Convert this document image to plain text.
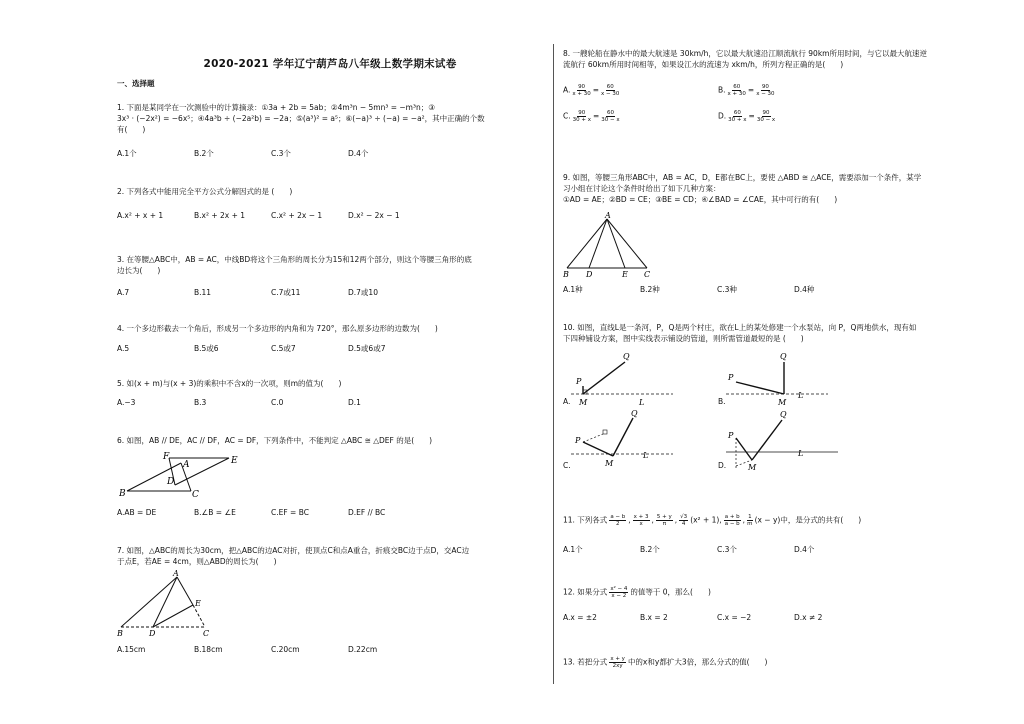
2020-2021 学年辽宁葫芦岛八年级上数学期末试卷
一、选择题

1. 下面是某同学在一次测验中的计算摘录：①3a + 2b = 5ab；②4m³n − 5mn³ = −m³n；③

3x³ · (−2x²) = −6x⁵；④4a³b ÷ (−2a²b) = −2a；⑤(a³)² = a⁵；⑥(−a)³ ÷ (−a) = −a²，其中正确的个数

有(　　)

A.1个	B.2个	C.3个	D.4个

2. 下列各式中能用完全平方公式分解因式的是 (　　)

A.x² + x + 1	B.x² + 2x + 1	C.x² + 2x − 1	D.x² − 2x − 1

3. 在等腰△ABC中，AB = AC，中线BD将这个三角形的周长分为15和12两个部分，则这个等腰三角形的底

边长为(　　)

A.7	B.11	C.7或11	D.7或10

4. 一个多边形截去一个角后，形成另一个多边形的内角和为 720°，那么原多边形的边数为(　　)

A.5	B.5或6	C.5或7	D.5或6或7

5. 如(x + m)与(x + 3)的乘积中不含x的一次项，则m的值为(　　)

A.−3	B.3	C.0	D.1

6. 如图，AB // DE，AC // DF，AC = DF，下列条件中，不能判定 △ABC ≅ △DEF 的是(　　)

F
A	E
D
B	C
A.AB = DE	B.∠B = ∠E	C.EF = BC	D.EF // BC

7. 如图，△ABC的周长为30cm，把△ABC的边AC对折，使顶点C和点A重合，折痕交BC边于点D，交AC边

于点E，若AE = 4cm，则△ABD的周长为(　　)

A
E
B	D	C
A.15cm	B.18cm	C.20cm	D.22cm

8. 一艘轮船在静水中的最大航速是 30km/h，它以最大航速沿江顺流航行 90km所用时间，与它以最大航速逆

流航行 60km所用时间相等，如果设江水的流速为 xkm/h，所列方程正确的是(　　)

A. $\frac{90}{x + 30} = \frac{60}{x - 30}$	B. $\frac{60}{x + 30} = \frac{90}{x - 30}$
C. $\frac{90}{30 + x} = \frac{60}{30 - x}$	D. $\frac{60}{30 + x} = \frac{90}{30 - x}$

9. 如图，等腰三角形ABC中，AB = AC，D，E都在BC上，要使 △ABD ≅ △ACE，需要添加一个条件，某学

习小组在讨论这个条件时给出了如下几种方案：

①AD = AE；②BD = CE；③BE = CD；④∠BAD = ∠CAE，其中可行的有(　　)

A
B D	E C
A.1种	B.2种	C.3种	D.4种

10. 如图，直线L是一条河，P，Q是两个村庄，欲在L上的某处修建一个水泵站，向 P，Q两地供水，现有如

下四种铺设方案，图中实线表示铺设的管道，则所需管道最短的是 (　　)

P
Q
M	L
A.
P
Q
M
L
B.
P
Q
M
L
C.
P
Q
M
L
D.

11. 下列各式 $\frac{a - b}{2}$ , $\frac{x + 3}{x}$ , $\frac{5 + y}{\pi}$ , $\frac{√3}{4} (x^2 + 1)$, $\frac{a + b}{a - b}$ , $\frac{1}{m} (x - y)$中，是分式的共有(　　)

A.1个	B.2个	C.3个	D.4个

12. 如果分式 $\frac{\text{x² − 4}}{x - 2}$ 的值等于 0，那么(　　)

A.x = ±2	B.x = 2	C.x = −2	D.x ≠ 2

13. 若把分式 $\frac{x + y}{2xy}$ 中的x和y都扩大3倍，那么分式的值(　　)
